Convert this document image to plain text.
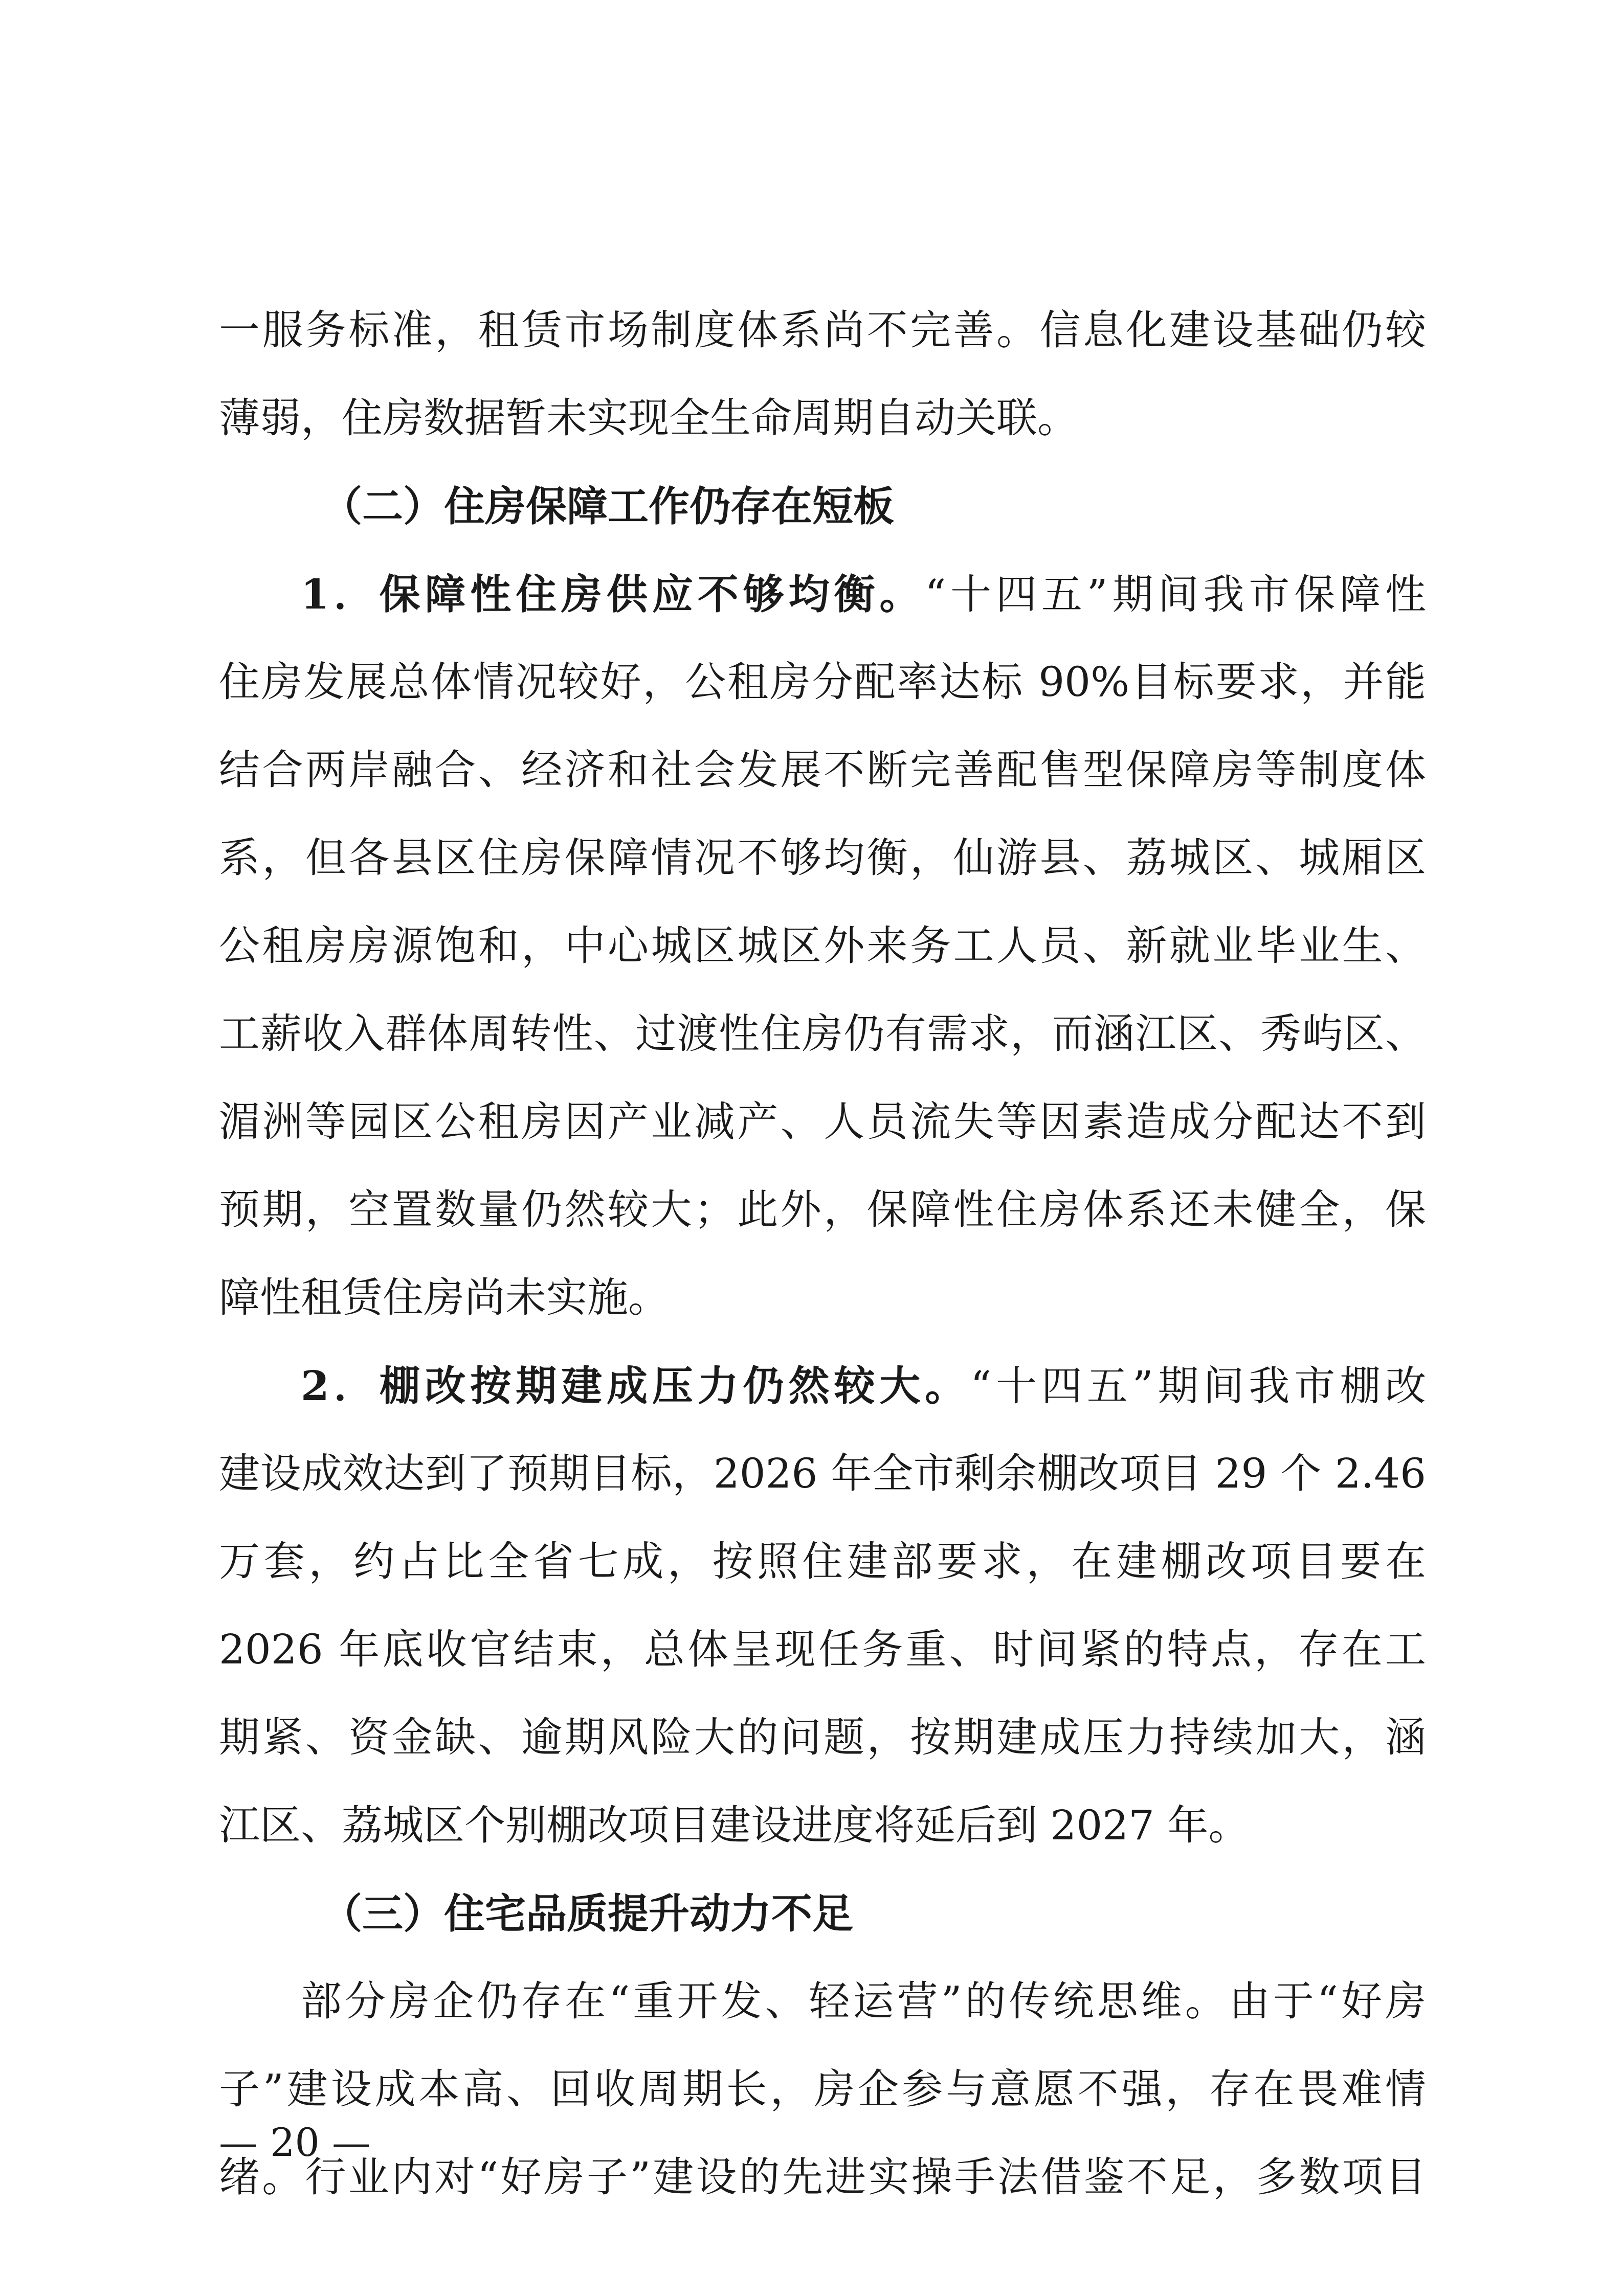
一服务标准，租赁市场制度体系尚不完善。信息化建设基础仍较
薄弱，住房数据暂未实现全生命周期自动关联。
（二）住房保障工作仍存在短板
1．保障性住房供应不够均衡。“十四五”期间我市保障性
住房发展总体情况较好，公租房分配率达标 90%目标要求，并能
结合两岸融合、经济和社会发展不断完善配售型保障房等制度体
系，但各县区住房保障情况不够均衡，仙游县、荔城区、城厢区
公租房房源饱和，中心城区城区外来务工人员、新就业毕业生、
工薪收入群体周转性、过渡性住房仍有需求，而涵江区、秀屿区、
湄洲等园区公租房因产业减产、人员流失等因素造成分配达不到
预期，空置数量仍然较大；此外，保障性住房体系还未健全，保
障性租赁住房尚未实施。
2．棚改按期建成压力仍然较大。“十四五”期间我市棚改
建设成效达到了预期目标，2026 年全市剩余棚改项目 29 个 2.46
万套，约占比全省七成，按照住建部要求，在建棚改项目要在
2026 年底收官结束，总体呈现任务重、时间紧的特点，存在工
期紧、资金缺、逾期风险大的问题，按期建成压力持续加大，涵
江区、荔城区个别棚改项目建设进度将延后到 2027 年。
（三）住宅品质提升动力不足
部分房企仍存在“重开发、轻运营”的传统思维。由于“好房
子”建设成本高、回收周期长，房企参与意愿不强，存在畏难情
绪。行业内对“好房子”建设的先进实操手法借鉴不足，多数项目
— 20 —
